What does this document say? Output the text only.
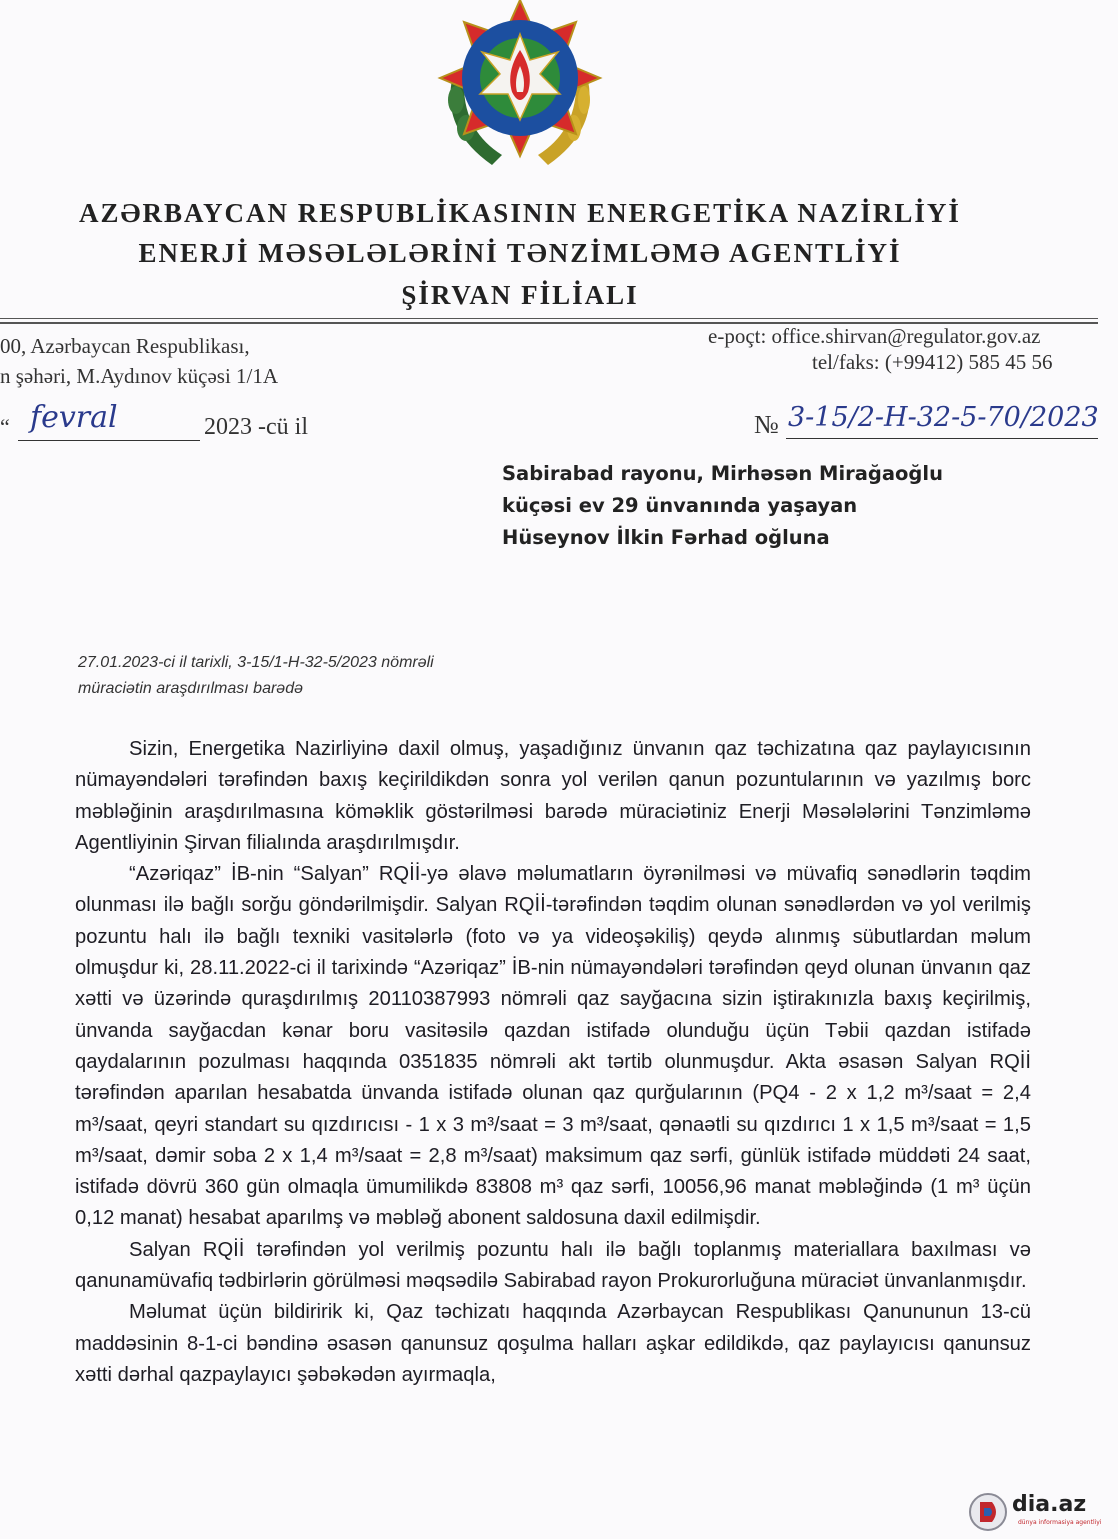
AZƏRBAYCAN RESPUBLİKASININ ENERGETİKA NAZİRLİYİ
ENERJİ MƏSƏLƏLƏRİNİ TƏNZİMLƏMƏ AGENTLİYİ
ŞİRVAN FİLİALI
00, Azərbaycan Respublikası,
n şəhəri, M.Aydınov küçəsi 1/1A
e-poçt: office.shirvan@regulator.gov.az
tel/faks: (+99412) 585 45 56
“ fevral	2023 -cü il	№ 3-15/2-H-32-5-70/2023
Sabirabad rayonu, Mirhəsən Mirağaoğlu
küçəsi ev 29 ünvanında yaşayan
Hüseynov İlkin Fərhad oğluna
27.01.2023-ci il tarixli, 3-15/1-H-32-5/2023 nömrəli
müraciətin araşdırılması barədə

Sizin, Energetika Nazirliyinə daxil olmuş, yaşadığınız ünvanın qaz təchizatına qaz paylayıcısının nümayəndələri tərəfindən baxış keçirildikdən sonra yol verilən qanun pozuntularının və yazılmış borc məbləğinin araşdırılmasına köməklik göstərilməsi barədə müraciətiniz Enerji Məsələlərini Tənzimləmə Agentliyinin Şirvan filialında araşdırılmışdır.

“Azəriqaz” İB-nin “Salyan” RQİİ-yə əlavə məlumatların öyrənilməsi və müvafiq sənədlərin təqdim olunması ilə bağlı sorğu göndərilmişdir. Salyan RQİİ-tərəfindən təqdim olunan sənədlərdən və yol verilmiş pozuntu halı ilə bağlı texniki vasitələrlə (foto və ya videoşəkiliş) qeydə alınmış sübutlardan məlum olmuşdur ki, 28.11.2022-ci il tarixində “Azəriqaz” İB-nin nümayəndələri tərəfindən qeyd olunan ünvanın qaz xətti və üzərində quraşdırılmış 20110387993 nömrəli qaz sayğacına sizin iştirakınızla baxış keçirilmiş, ünvanda sayğacdan kənar boru vasitəsilə qazdan istifadə olunduğu üçün Təbii qazdan istifadə qaydalarının pozulması haqqında 0351835 nömrəli akt tərtib olunmuşdur. Akta əsasən Salyan RQİİ tərəfindən aparılan hesabatda ünvanda istifadə olunan qaz qurğularının (PQ4 - 2 x 1,2 m³/saat = 2,4 m³/saat, qeyri standart su qızdırıcısı - 1 x 3 m³/saat = 3 m³/saat, qənaətli su qızdırıcı 1 x 1,5 m³/saat = 1,5 m³/saat, dəmir soba 2 x 1,4 m³/saat = 2,8 m³/saat) maksimum qaz sərfi, günlük istifadə müddəti 24 saat, istifadə dövrü 360 gün olmaqla ümumilikdə 83808 m³ qaz sərfi, 10056,96 manat məbləğində (1 m³ üçün 0,12 manat) hesabat aparılmş və məbləğ abonent saldosuna daxil edilmişdir.

Salyan RQİİ tərəfindən yol verilmiş pozuntu halı ilə bağlı toplanmış materiallara baxılması və qanunamüvafiq tədbirlərin görülməsi məqsədilə Sabirabad rayon Prokurorluğuna müraciət ünvanlanmışdır.

Məlumat üçün bildiririk ki, Qaz təchizatı haqqında Azərbaycan Respublikası Qanununun 13-cü maddəsinin 8-1-ci bəndinə əsasən qanunsuz qoşulma halları aşkar edildikdə, qaz paylayıcısı qanunsuz xətti dərhal qazpaylayıcı şəbəkədən ayırmaqla,

dia.az
dünya informasiya agentliyi
